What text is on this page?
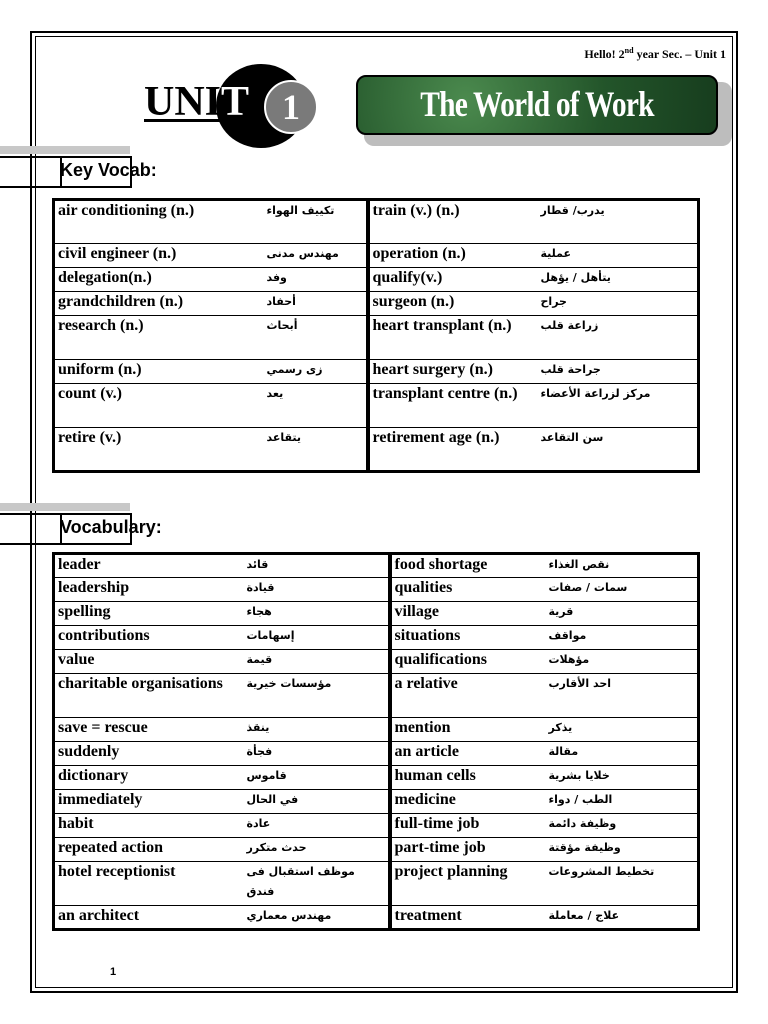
Hello! 2nd year Sec. – Unit 1
UNIT 1	The World of Work
Key Vocab:
air conditioning (n.)	تكييف الهواء	train (v.) (n.)	يدرب/ قطار
civil engineer (n.)	مهندس مدنى	operation (n.)	عملية
delegation(n.)	وفد	qualify(v.)	يتأهل / يؤهل
grandchildren (n.)	أحفاد	surgeon (n.)	جراح
research (n.)	أبحاث	heart transplant (n.)	زراعة قلب
uniform (n.)	زى رسمي	heart surgery (n.)	جراحة قلب
count (v.)	يعد	transplant centre (n.)	مركز لزراعة الأعضاء
retire (v.)	يتقاعد	retirement age (n.)	سن التقاعد
Vocabulary:
leader	قائد	food shortage	نقص الغذاء
leadership	قيادة	qualities	سمات / صفات
spelling	هجاء	village	قرية
contributions	إسهامات	situations	مواقف
value	قيمة	qualifications	مؤهلات
charitable organisations	مؤسسات خيرية	a relative	احد الأقارب
save = rescue	ينقذ	mention	يذكر
suddenly	فجأة	an article	مقالة
dictionary	قاموس	human cells	خلايا بشرية
immediately	في الحال	medicine	الطب / دواء
habit	عادة	full-time job	وظيفة دائمة
repeated action	حدث متكرر	part-time job	وظيفة مؤقتة
hotel receptionist	موظف استقبال فى فندق	project planning	تخطيط المشروعات
an architect	مهندس معماري	treatment	علاج / معاملة
1
